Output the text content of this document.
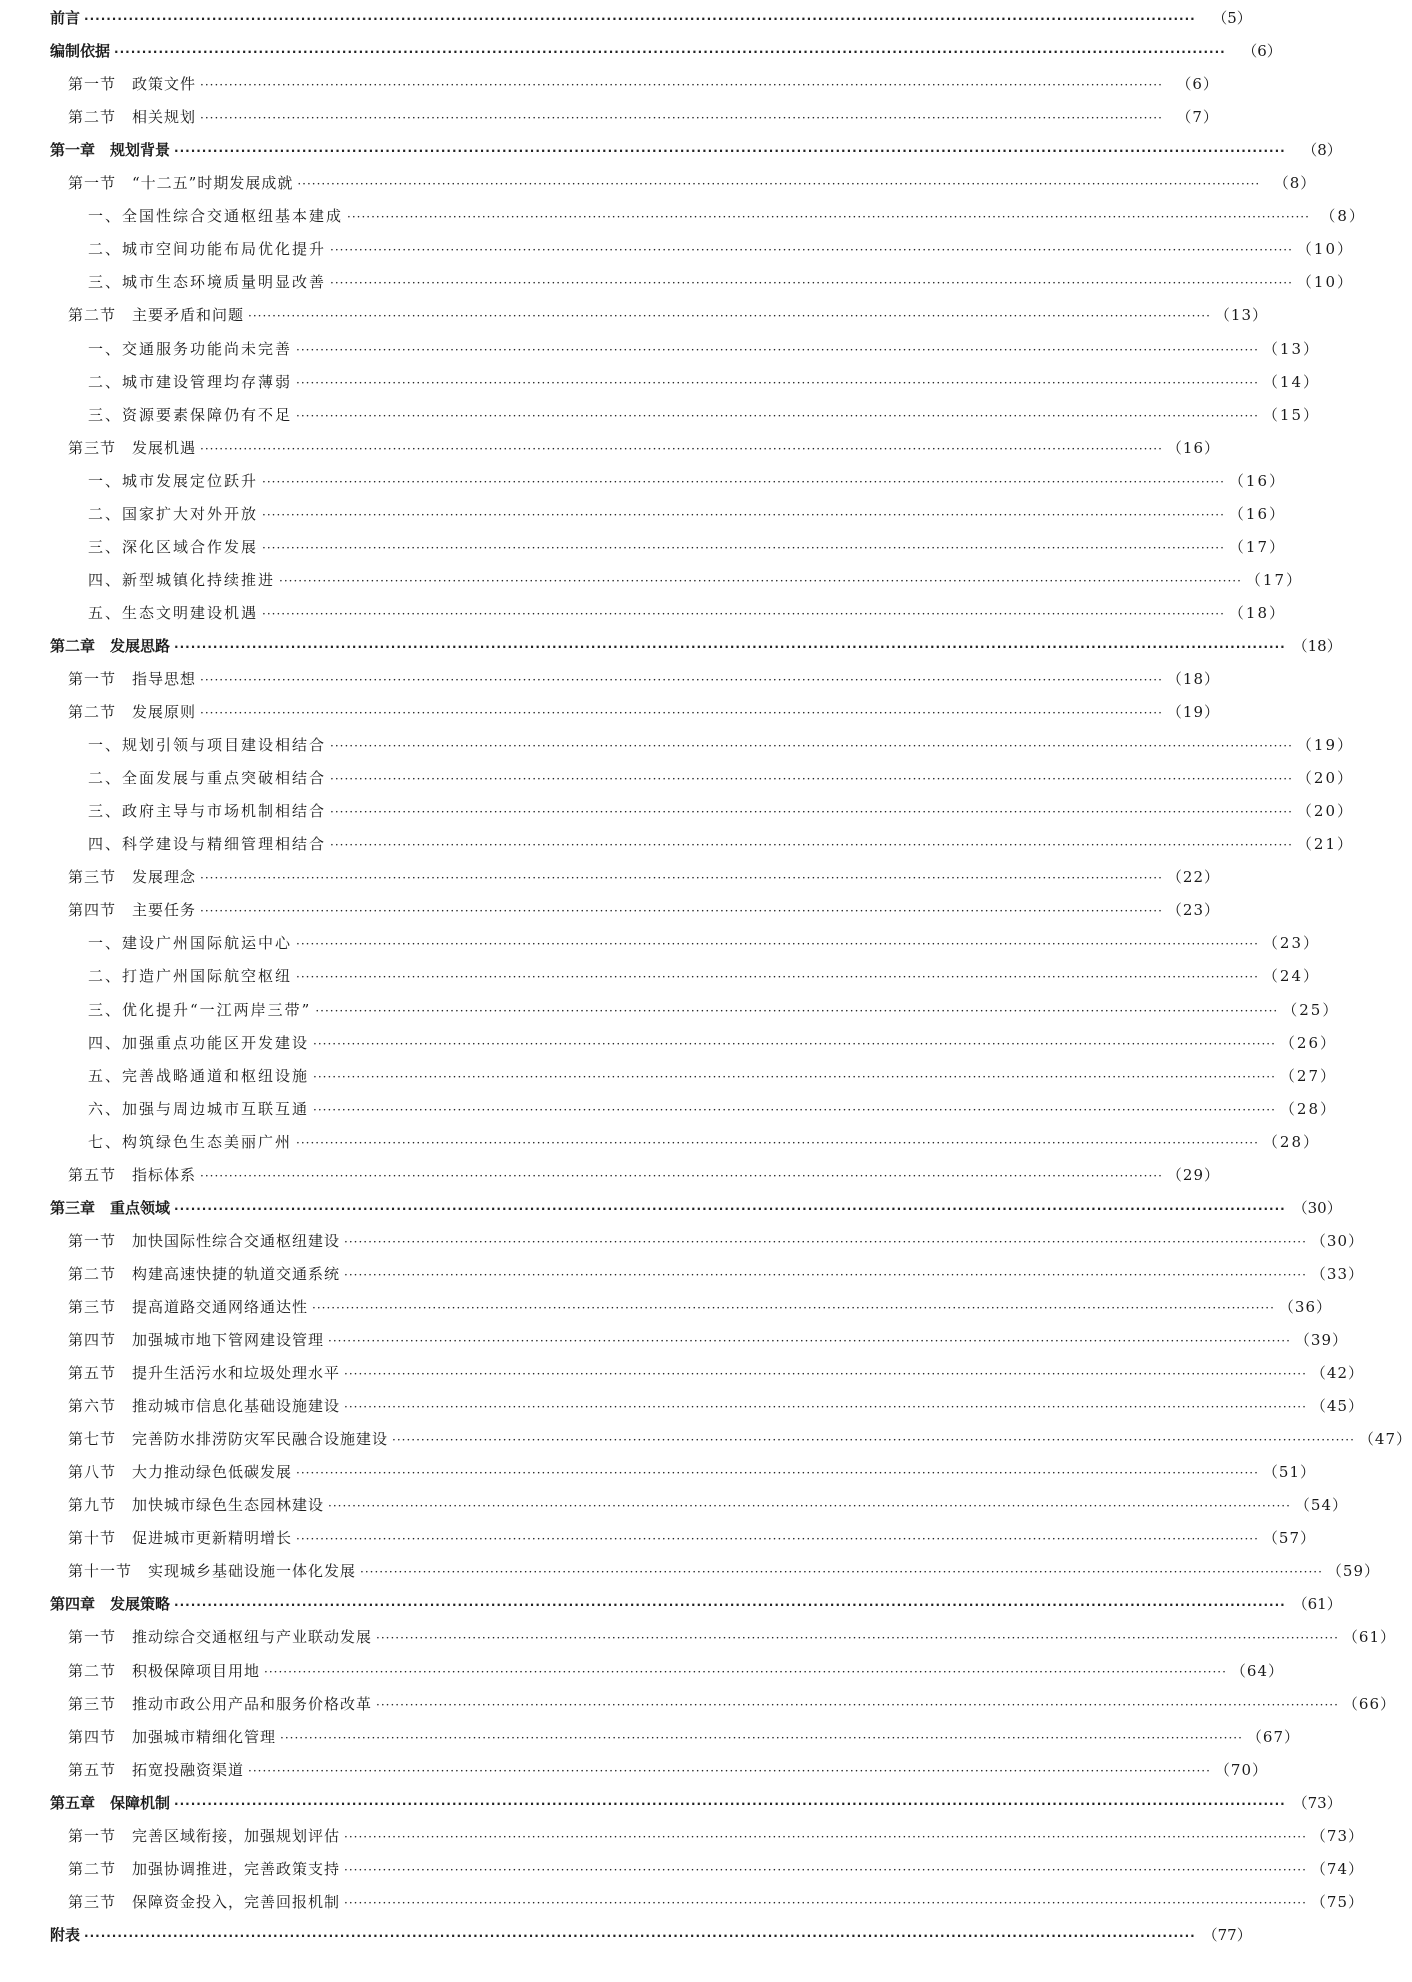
前言 ········································································································································································································	（5）
编制依据 ········································································································································································································	（6）
第一节　政策文件 ········································································································································································································ （6）
第二节　相关规划 ········································································································································································································ （7）
第一章　规划背景 ········································································································································································································	（8）
第一节　“十二五”时期发展成就 ········································································································································································································ （8）
一、全国性综合交通枢纽基本建成 ········································································································································································································ （8）
二、城市空间功能布局优化提升 ········································································································································································································ （10）
三、城市生态环境质量明显改善 ········································································································································································································ （10）
第二节　主要矛盾和问题 ········································································································································································································ （13）
一、交通服务功能尚未完善 ········································································································································································································ （13）
二、城市建设管理均存薄弱 ········································································································································································································ （14）
三、资源要素保障仍有不足 ········································································································································································································ （15）
第三节　发展机遇 ········································································································································································································ （16）
一、城市发展定位跃升 ········································································································································································································ （16）
二、国家扩大对外开放 ········································································································································································································ （16）
三、深化区域合作发展 ········································································································································································································ （17）
四、新型城镇化持续推进 ········································································································································································································ （17）
五、生态文明建设机遇 ········································································································································································································ （18）
第二章　发展思路 ········································································································································································································ （18）
第一节　指导思想 ········································································································································································································ （18）
第二节　发展原则 ········································································································································································································ （19）
一、规划引领与项目建设相结合 ········································································································································································································ （19）
二、全面发展与重点突破相结合 ········································································································································································································ （20）
三、政府主导与市场机制相结合 ········································································································································································································ （20）
四、科学建设与精细管理相结合 ········································································································································································································ （21）
第三节　发展理念 ········································································································································································································ （22）
第四节　主要任务 ········································································································································································································ （23）
一、建设广州国际航运中心 ········································································································································································································ （23）
二、打造广州国际航空枢纽 ········································································································································································································ （24）
三、优化提升“一江两岸三带” ········································································································································································································ （25）
四、加强重点功能区开发建设 ········································································································································································································ （26）
五、完善战略通道和枢纽设施 ········································································································································································································ （27）
六、加强与周边城市互联互通 ········································································································································································································ （28）
七、构筑绿色生态美丽广州 ········································································································································································································ （28）
第五节　指标体系 ········································································································································································································ （29）
第三章　重点领域 ········································································································································································································ （30）
第一节　加快国际性综合交通枢纽建设 ········································································································································································································ （30）
第二节　构建高速快捷的轨道交通系统 ········································································································································································································ （33）
第三节　提高道路交通网络通达性 ········································································································································································································ （36）
第四节　加强城市地下管网建设管理 ········································································································································································································ （39）
第五节　提升生活污水和垃圾处理水平 ········································································································································································································ （42）
第六节　推动城市信息化基础设施建设 ········································································································································································································ （45）
第七节　完善防水排涝防灾军民融合设施建设 ········································································································································································································ （47）
第八节　大力推动绿色低碳发展 ········································································································································································································ （51）
第九节　加快城市绿色生态园林建设 ········································································································································································································ （54）
第十节　促进城市更新精明增长 ········································································································································································································ （57）
第十一节　实现城乡基础设施一体化发展 ········································································································································································································ （59）
第四章　发展策略 ········································································································································································································ （61）
第一节　推动综合交通枢纽与产业联动发展 ········································································································································································································ （61）
第二节　积极保障项目用地 ········································································································································································································ （64）
第三节　推动市政公用产品和服务价格改革 ········································································································································································································ （66）
第四节　加强城市精细化管理 ········································································································································································································ （67）
第五节　拓宽投融资渠道 ········································································································································································································ （70）
第五章　保障机制 ········································································································································································································ （73）
第一节　完善区域衔接，加强规划评估 ········································································································································································································ （73）
第二节　加强协调推进，完善政策支持 ········································································································································································································ （74）
第三节　保障资金投入，完善回报机制 ········································································································································································································ （75）
附表 ········································································································································································································ （77）
